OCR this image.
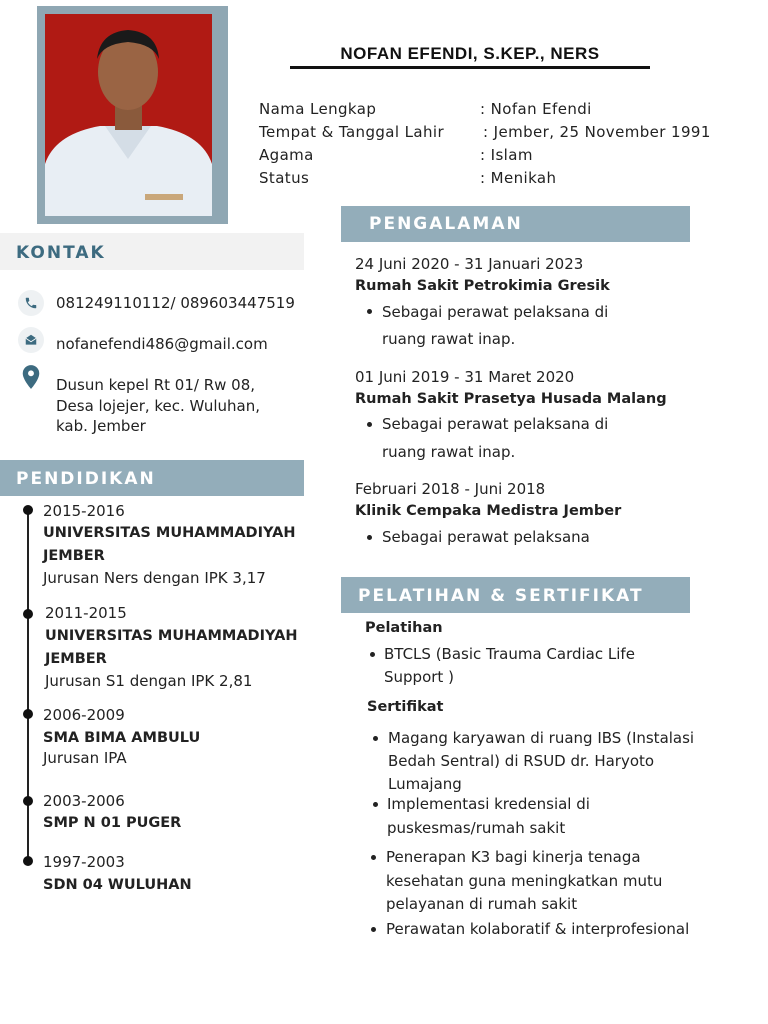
NOFAN EFENDI, S.KEP., NERS
Nama Lengkap	: Nofan Efendi
Tempat & Tanggal Lahir	: Jember, 25 November 1991
Agama	: Islam
Status	: Menikah
KONTAK
081249110112/ 089603447519
nofanefendi486@gmail.com
Dusun kepel Rt 01/ Rw 08,
Desa lojejer, kec. Wuluhan,
kab. Jember
PENDIDIKAN
2015-2016
UNIVERSITAS MUHAMMADIYAH
JEMBER
Jurusan Ners dengan IPK 3,17
2011-2015
UNIVERSITAS MUHAMMADIYAH
JEMBER
Jurusan S1 dengan IPK 2,81
2006-2009
SMA BIMA AMBULU
Jurusan IPA
2003-2006
SMP N 01 PUGER
1997-2003
SDN 04 WULUHAN
PENGALAMAN
24 Juni 2020 - 31 Januari 2023
Rumah Sakit Petrokimia Gresik
Sebagai perawat pelaksana di
ruang rawat inap.
01 Juni 2019 - 31 Maret 2020
Rumah Sakit Prasetya Husada Malang
Sebagai perawat pelaksana di
ruang rawat inap.
Februari 2018 - Juni 2018
Klinik Cempaka Medistra Jember
Sebagai perawat pelaksana
PELATIHAN & SERTIFIKAT
Pelatihan
BTCLS (Basic Trauma Cardiac Life
Support )
Sertifikat
Magang karyawan di ruang IBS (Instalasi
Bedah Sentral) di RSUD dr. Haryoto
Lumajang
Implementasi kredensial di
puskesmas/rumah sakit
Penerapan K3 bagi kinerja tenaga
kesehatan guna meningkatkan mutu
pelayanan di rumah sakit
Perawatan kolaboratif & interprofesional
